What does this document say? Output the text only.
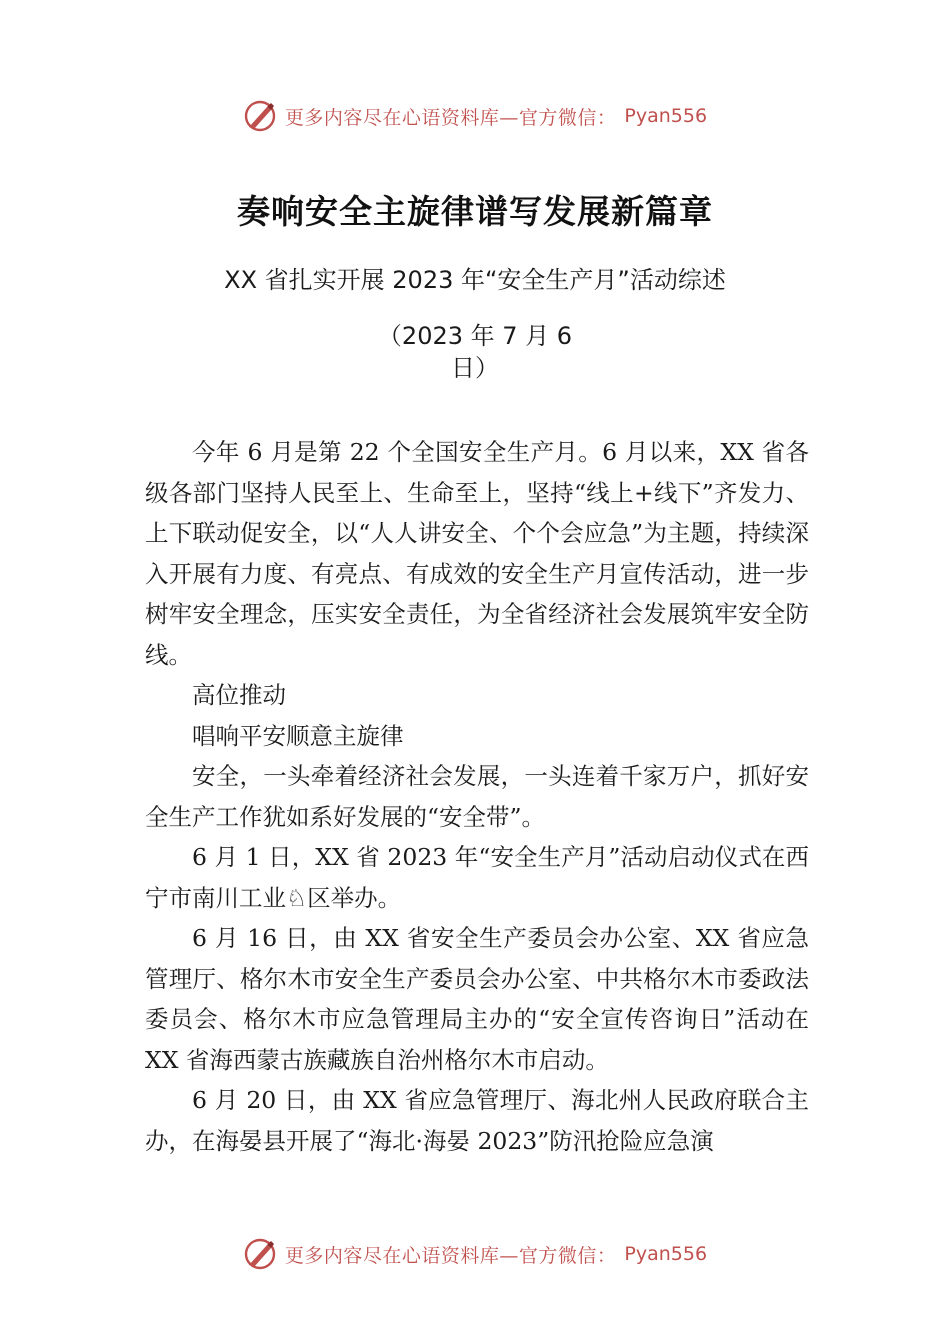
更多内容尽在心语资料库—官方微信： Pyan556
奏响安全主旋律谱写发展新篇章
XX 省扎实开展 2023 年“安全生产月”活动综述
（2023 年 7 月 6
日）

今年 6 月是第 22 个全国安全生产月。6 月以来，XX 省各级各部门坚持人民至上、生命至上，坚持“线上+线下”齐发力、上下联动促安全，以“人人讲安全、个个会应急”为主题，持续深入开展有力度、有亮点、有成效的安全生产月宣传活动，进一步树牢安全理念，压实安全责任，为全省经济社会发展筑牢安全防线。

高位推动

唱响平安顺意主旋律

安全，一头牵着经济社会发展，一头连着千家万户，抓好安全生产工作犹如系好发展的“安全带”。

6 月 1 日，XX 省 2023 年“安全生产月”活动启动仪式在西宁市南川工业♘区举办。

6 月 16 日，由 XX 省安全生产委员会办公室、XX 省应急管理厅、格尔木市安全生产委员会办公室、中共格尔木市委政法委员会、格尔木市应急管理局主办的“安全宣传咨询日”活动在 XX 省海西蒙古族藏族自治州格尔木市启动。

6 月 20 日，由 XX 省应急管理厅、海北州人民政府联合主办，在海晏县开展了“海北·海晏 2023”防汛抢险应急演

更多内容尽在心语资料库—官方微信： Pyan556
